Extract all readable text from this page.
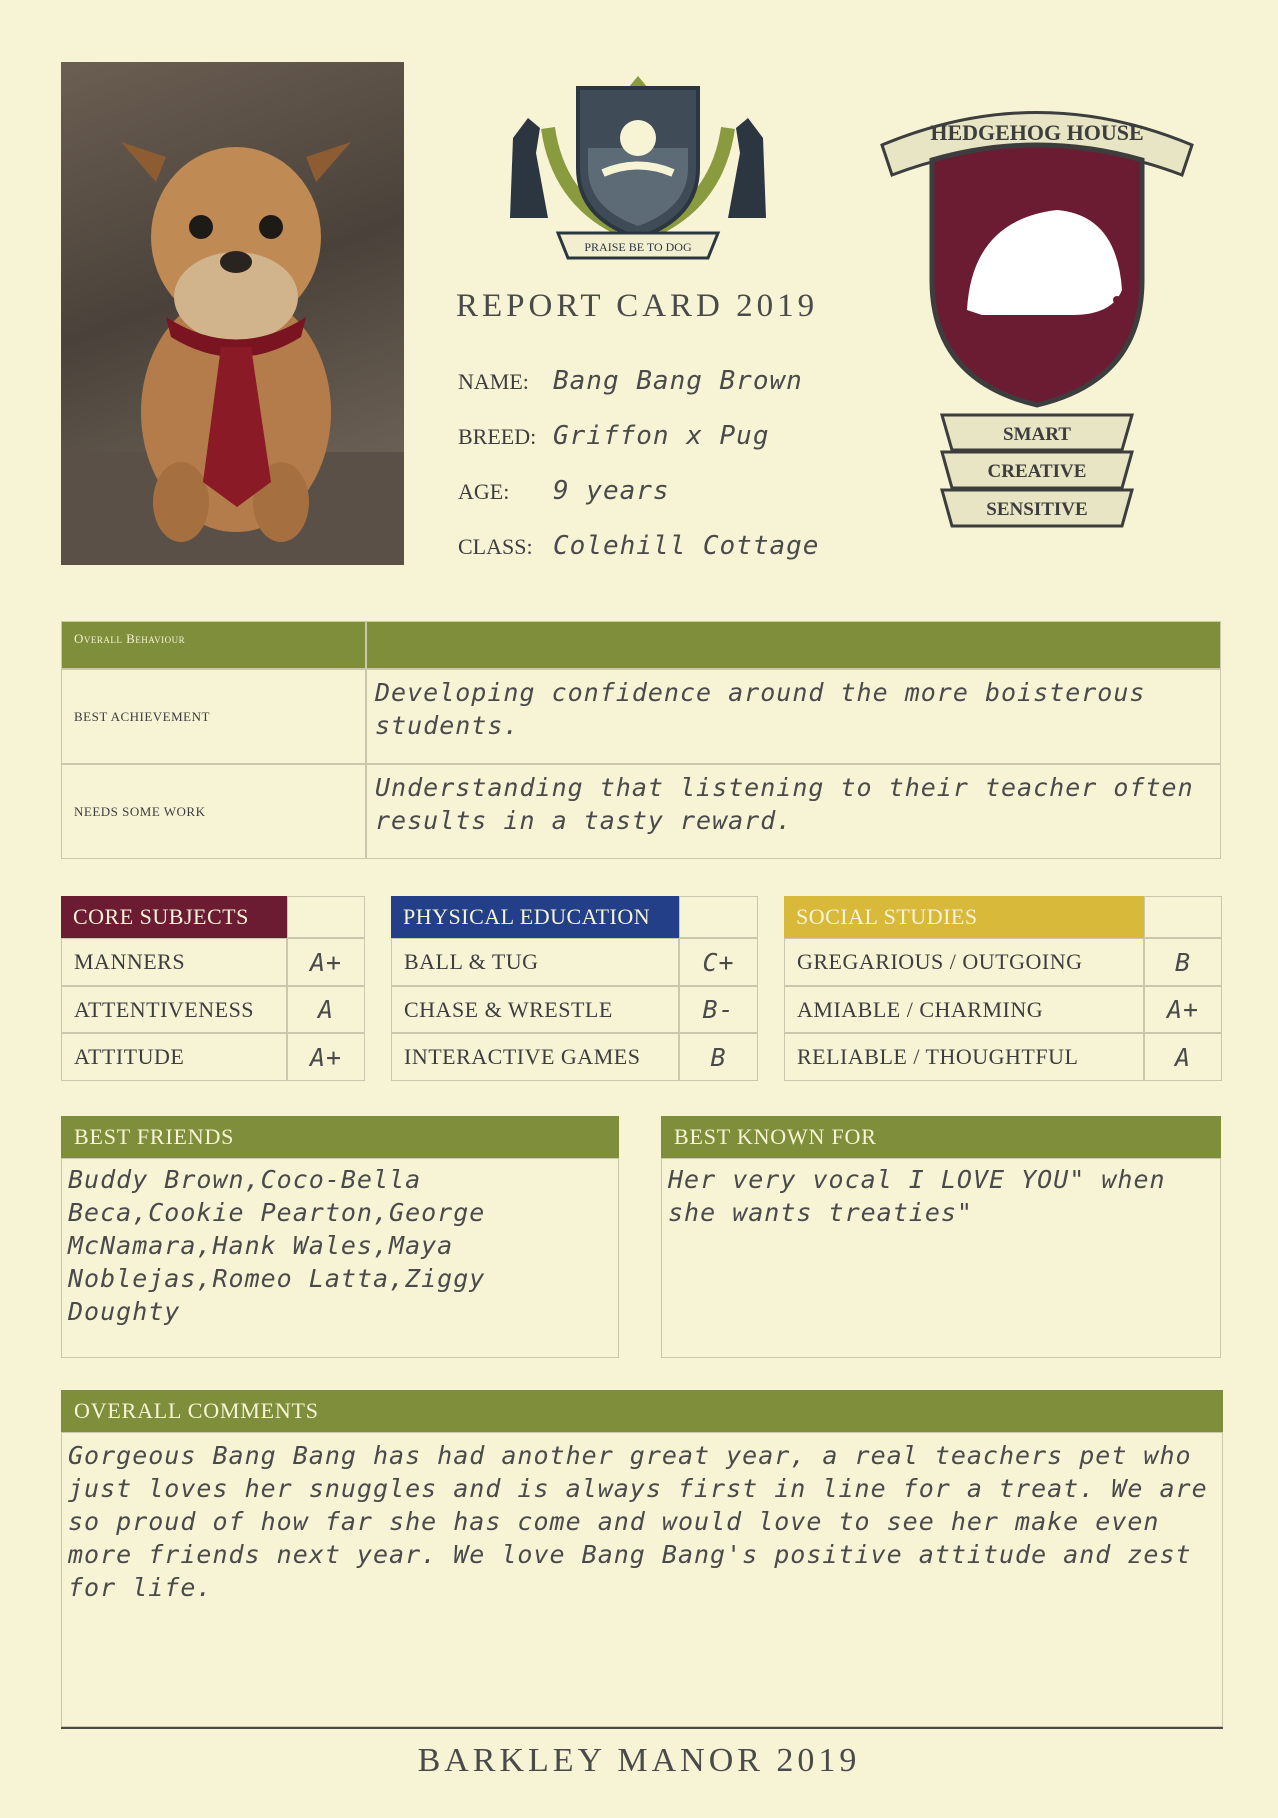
PRAISE BE TO DOG
HEDGEHOG HOUSE
SMART
CREATIVE
SENSITIVE
REPORT CARD 2019
NAME: Bang Bang Brown
BREED: Griffon x Pug
AGE:	9 years
CLASS: Colehill Cottage
Overall Behaviour
BEST ACHIEVEMENT
Developing confidence around the more boisterous students.
NEEDS SOME WORK
Understanding that listening to their teacher often results in a tasty reward.
CORE SUBJECTS
MANNERS	A+
ATTENTIVENESS	A
ATTITUDE	A+
PHYSICAL EDUCATION
BALL & TUG	C+
CHASE & WRESTLE	B-
INTERACTIVE GAMES	B
SOCIAL STUDIES
GREGARIOUS / OUTGOING	B
AMIABLE / CHARMING	A+
RELIABLE / THOUGHTFUL	A
BEST FRIENDS
Buddy Brown,Coco-Bella Beca,Cookie Pearton,George McNamara,Hank Wales,Maya Noblejas,Romeo Latta,Ziggy Doughty
BEST KNOWN FOR
Her very vocal I LOVE YOU" when she wants treaties"
OVERALL COMMENTS
Gorgeous Bang Bang has had another great year, a real teachers pet who just loves her snuggles and is always first in line for a treat. We are so proud of how far she has come and would love to see her make even more friends next year. We love Bang Bang's positive attitude and zest for life.
BARKLEY MANOR 2019
